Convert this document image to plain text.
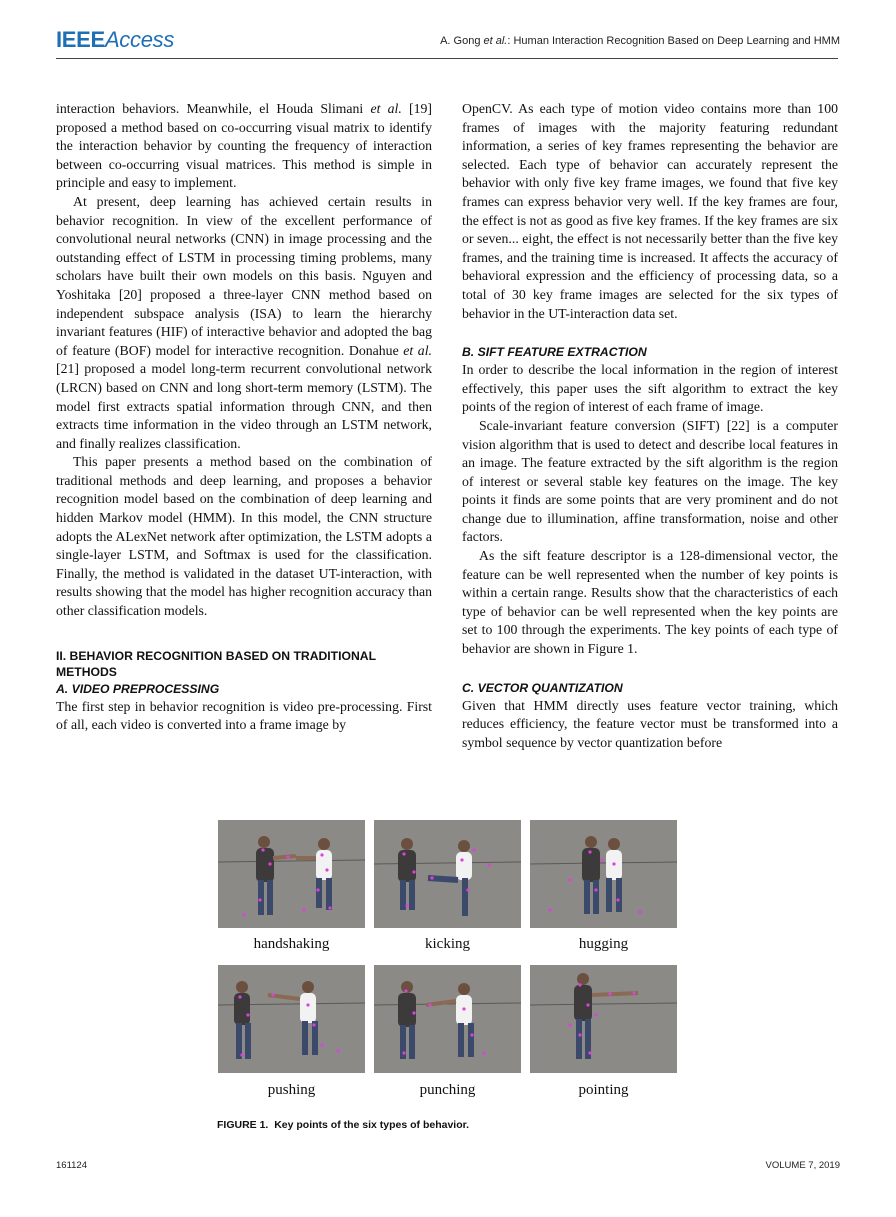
IEEEAccess	A. Gong et al.: Human Interaction Recognition Based on Deep Learning and HMM

interaction behaviors. Meanwhile, el Houda Slimani et al. [19] proposed a method based on co-occurring visual matrix to identify the interaction behavior by counting the frequency of interaction between co-occurring visual matrices. This method is simple in principle and easy to implement.

At present, deep learning has achieved certain results in behavior recognition. In view of the excellent performance of convolutional neural networks (CNN) in image processing and the outstanding effect of LSTM in processing timing problems, many scholars have built their own models on this basis. Nguyen and Yoshitaka [20] proposed a three-layer CNN method based on independent subspace analysis (ISA) to learn the hierarchy invariant features (HIF) of interactive behavior and adopted the bag of feature (BOF) model for interactive recognition. Donahue et al. [21] proposed a model long-term recurrent convolutional network (LRCN) based on CNN and long short-term memory (LSTM). The model first extracts spatial information through CNN, and then extracts time information in the video through an LSTM network, and finally realizes classification.

This paper presents a method based on the combination of traditional methods and deep learning, and proposes a behavior recognition model based on the combination of deep learning and hidden Markov model (HMM). In this model, the CNN structure adopts the ALexNet network after optimization, the LSTM adopts a single-layer LSTM, and Softmax is used for the classification. Finally, the method is validated in the dataset UT-interaction, with results showing that the model has higher recognition accuracy than other classification models.

II. BEHAVIOR RECOGNITION BASED ON TRADITIONAL METHODS

A. VIDEO PREPROCESSING

The first step in behavior recognition is video pre-processing. First of all, each video is converted into a frame image by

OpenCV. As each type of motion video contains more than 100 frames of images with the majority featuring redundant information, a series of key frames representing the behavior are selected. Each type of behavior can accurately represent the behavior with only five key frame images, we found that five key frames can express behavior very well. If the key frames are four, the effect is not as good as five key frames. If the key frames are six or seven... eight, the effect is not necessarily better than the five key frames, and the training time is increased. It affects the accuracy of behavioral expression and the efficiency of processing data, so a total of 30 key frame images are selected for the six types of behavior in the UT-interaction data set.

B. SIFT FEATURE EXTRACTION

In order to describe the local information in the region of interest effectively, this paper uses the sift algorithm to extract the key points of the region of interest of each frame of image.

Scale-invariant feature conversion (SIFT) [22] is a computer vision algorithm that is used to detect and describe local features in an image. The feature extracted by the sift algorithm is the region of interest or several stable key features on the image. The key points it finds are some points that are very prominent and do not change due to illumination, affine transformation, noise and other factors.

As the sift feature descriptor is a 128-dimensional vector, the feature can be well represented when the number of key points is within a certain range. Results show that the characteristics of each type of behavior can be well represented when the key points are set to 100 through the experiments. The key points of each type of behavior are shown in Figure 1.

C. VECTOR QUANTIZATION

Given that HMM directly uses feature vector training, which reduces efficiency, the feature vector must be transformed into a symbol sequence by vector quantization before

handshaking	kicking	hugging
pushing	punching	pointing
FIGURE 1. Key points of the six types of behavior.
161124	VOLUME 7, 2019
